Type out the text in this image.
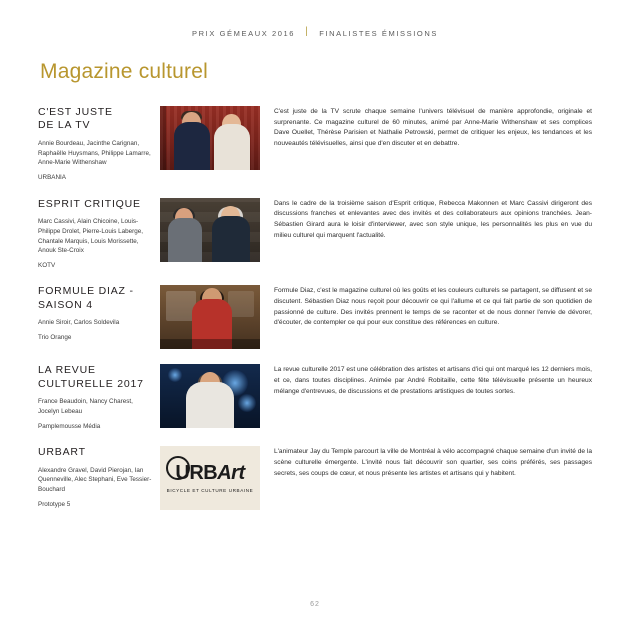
PRIX GÉMEAUX 2016 | FINALISTES ÉMISSIONS
Magazine culturel
C'EST JUSTE
DE LA TV

Annie Bourdeau, Jacinthe Carignan, Raphaëlle Huysmans, Philippe Lamarre, Anne-Marie Withenshaw

URBANIA

C'est juste de la TV scrute chaque semaine l'univers télévisuel de manière approfondie, originale et surprenante. Ce magazine culturel de 60 minutes, animé par Anne-Marie Withenshaw et ses complices Dave Ouellet, Thérèse Parisien et Nathalie Petrowski, permet de critiquer les enjeux, les tendances et les nouveautés télévisuelles, ainsi que d'en discuter et en debattre.
ESPRIT CRITIQUE

Marc Cassivi, Alain Chicoine, Louis-Philippe Drolet, Pierre-Louis Laberge, Chantale Marquis, Louis Morissette, Anouk Ste-Croix

KOTV

Dans le cadre de la troisième saison d'Esprit critique, Rebecca Makonnen et Marc Cassivi dirigeront des discussions franches et enlevantes avec des invités et des collaborateurs aux opinions tranchées. Jean-Sébastien Girard aura le loisir d'interviewer, avec son style unique, les personnalités les plus en vue du milieu culturel qui marquent l'actualité.
FORMULE DIAZ -
SAISON 4

Annie Siroir, Carlos Soldevila

Trio Orange

Formule Diaz, c'est le magazine culturel où les goûts et les couleurs culturels se partagent, se diffusent et se discutent. Sébastien Diaz nous reçoit pour découvrir ce qui l'allume et ce qui fait partie de son quotidien de passionné de culture. Des invités prennent le temps de se raconter et de nous donner l'envie de dévorer, d'écouter, de contempler ce qui pour eux constitue des références en culture.
LA REVUE
CULTURELLE 2017

France Beaudoin, Nancy Charest, Jocelyn Lebeau

Pamplemousse Média

La revue culturelle 2017 est une célébration des artistes et artisans d'ici qui ont marqué les 12 derniers mois, et ce, dans toutes disciplines. Animée par André Robitaille, cette fête télévisuelle présente un heureux mélange d'entrevues, de discussions et de prestations artistiques de toutes sortes.
URBART

Alexandre Gravel, David Pierojan, Ian Quenneville, Alec Stephani, Eve Tessier-Bouchard

Prototype 5

URBArt
BICYCLE ET CULTURE URBAINE
L'animateur Jay du Temple parcourt la ville de Montréal à vélo accompagné chaque semaine d'un invité de la scène culturelle émergente. L'invité nous fait découvrir son quartier, ses coins préférés, ses passages secrets, ses coups de cœur, et nous présente les artistes et artisans qui y habitent.
62
